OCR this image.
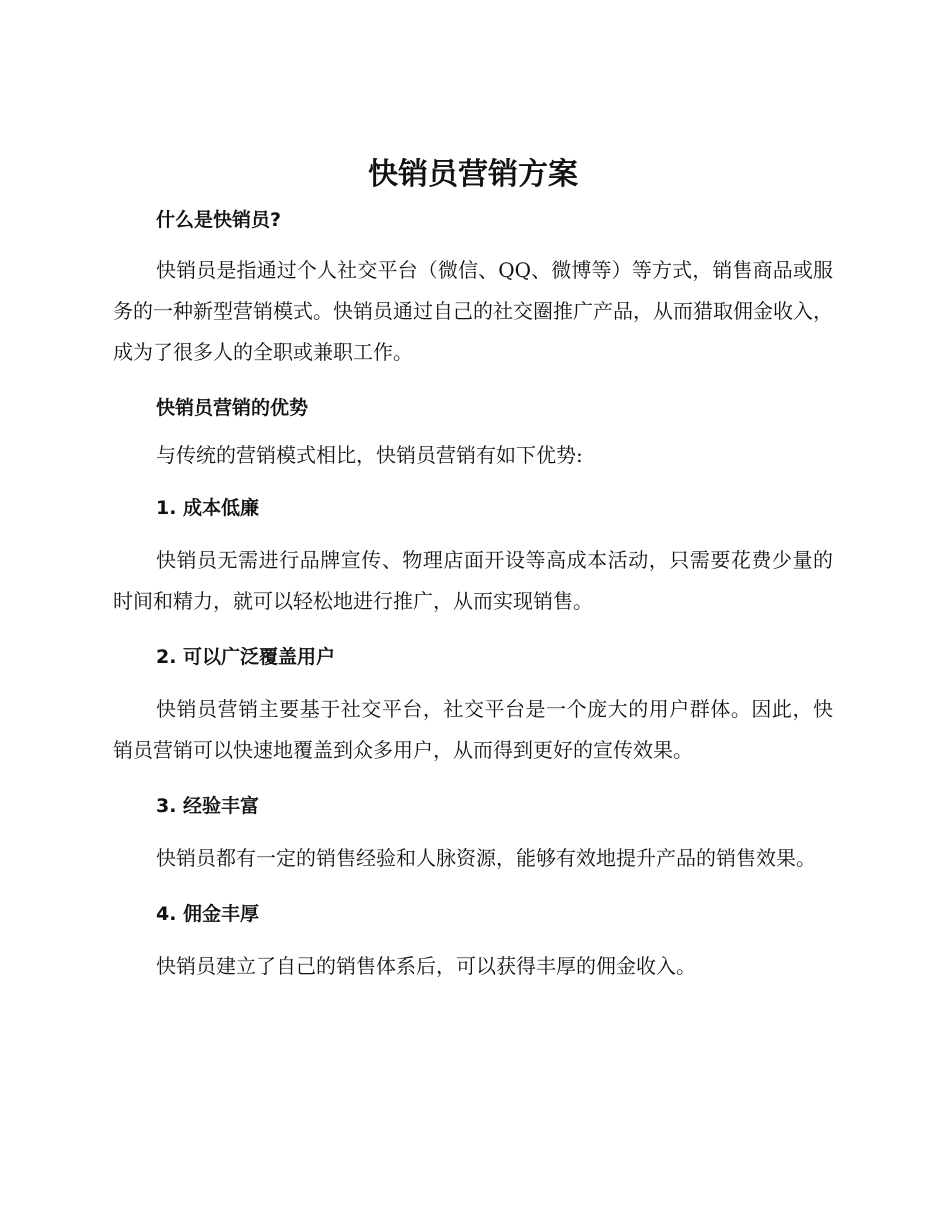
快销员营销方案
什么是快销员?

快销员是指通过个人社交平台（微信、QQ、微博等）等方式，销售商品或服务的一种新型营销模式。快销员通过自己的社交圈推广产品，从而猎取佣金收入，成为了很多人的全职或兼职工作。

快销员营销的优势

与传统的营销模式相比，快销员营销有如下优势:

1. 成本低廉

快销员无需进行品牌宣传、物理店面开设等高成本活动，只需要花费少量的时间和精力，就可以轻松地进行推广，从而实现销售。

2. 可以广泛覆盖用户

快销员营销主要基于社交平台，社交平台是一个庞大的用户群体。因此，快销员营销可以快速地覆盖到众多用户，从而得到更好的宣传效果。

3. 经验丰富

快销员都有一定的销售经验和人脉资源，能够有效地提升产品的销售效果。

4. 佣金丰厚

快销员建立了自己的销售体系后，可以获得丰厚的佣金收入。
